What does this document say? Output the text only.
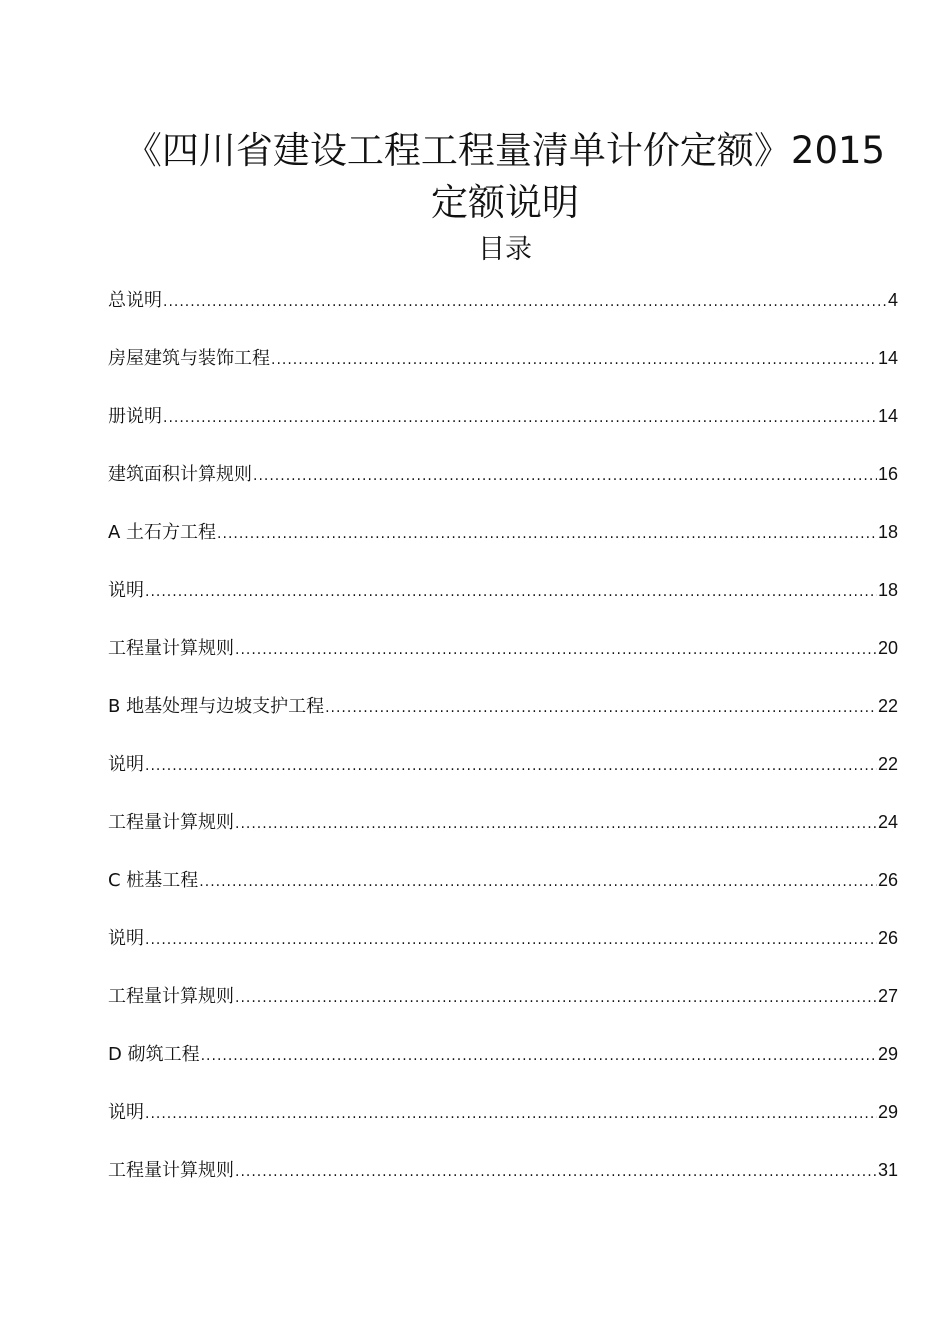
《四川省建设工程工程量清单计价定额》2015
定额说明
目录
总说明 .....	4
房屋建筑与装饰工程 .....	14
册说明 .....	14
建筑面积计算规则 .....	16
A 土石方工程 .....	18
说明 .....	18
工程量计算规则 .....	20
B 地基处理与边坡支护工程 .....	22
说明 .....	22
工程量计算规则 .....	24
C 桩基工程 .....	26
说明 .....	26
工程量计算规则 .....	27
D 砌筑工程 .....	29
说明 .....	29
工程量计算规则 .....	31
